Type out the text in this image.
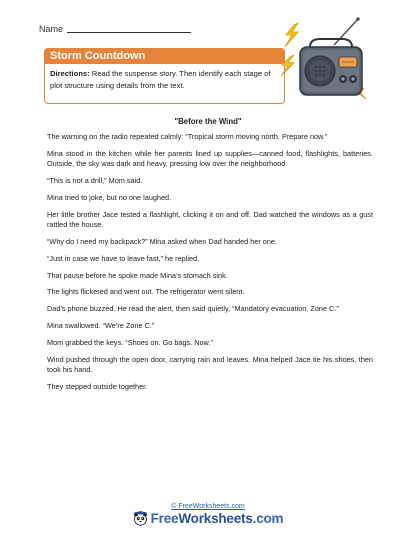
Name
Storm Countdown
Directions: Read the suspense story. Then identify each stage of plot structure using details from the text.
"Before the Wind"

The warning on the radio repeated calmly: “Tropical storm moving north. Prepare now.”

Mina stood in the kitchen while her parents lined up supplies—canned food, flashlights, batteries. Outside, the sky was dark and heavy, pressing low over the neighborhood.

“This is not a drill,” Mom said.

Mina tried to joke, but no one laughed.

Her little brother Jace tested a flashlight, clicking it on and off. Dad watched the windows as a gust rattled the house.

“Why do I need my backpack?” Mina asked when Dad handed her one.

“Just in case we have to leave fast,” he replied.

That pause before he spoke made Mina’s stomach sink.

The lights flickered and went out. The refrigerator went silent.

Dad’s phone buzzed. He read the alert, then said quietly, “Mandatory evacuation. Zone C.”

Mina swallowed. “We’re Zone C.”

Mom grabbed the keys. “Shoes on. Go bags. Now.”

Wind pushed through the open door, carrying rain and leaves. Mina helped Jace tie his shoes, then took his hand.

They stepped outside together.

© FreeWorksheets.com
FreeWorksheets.com
